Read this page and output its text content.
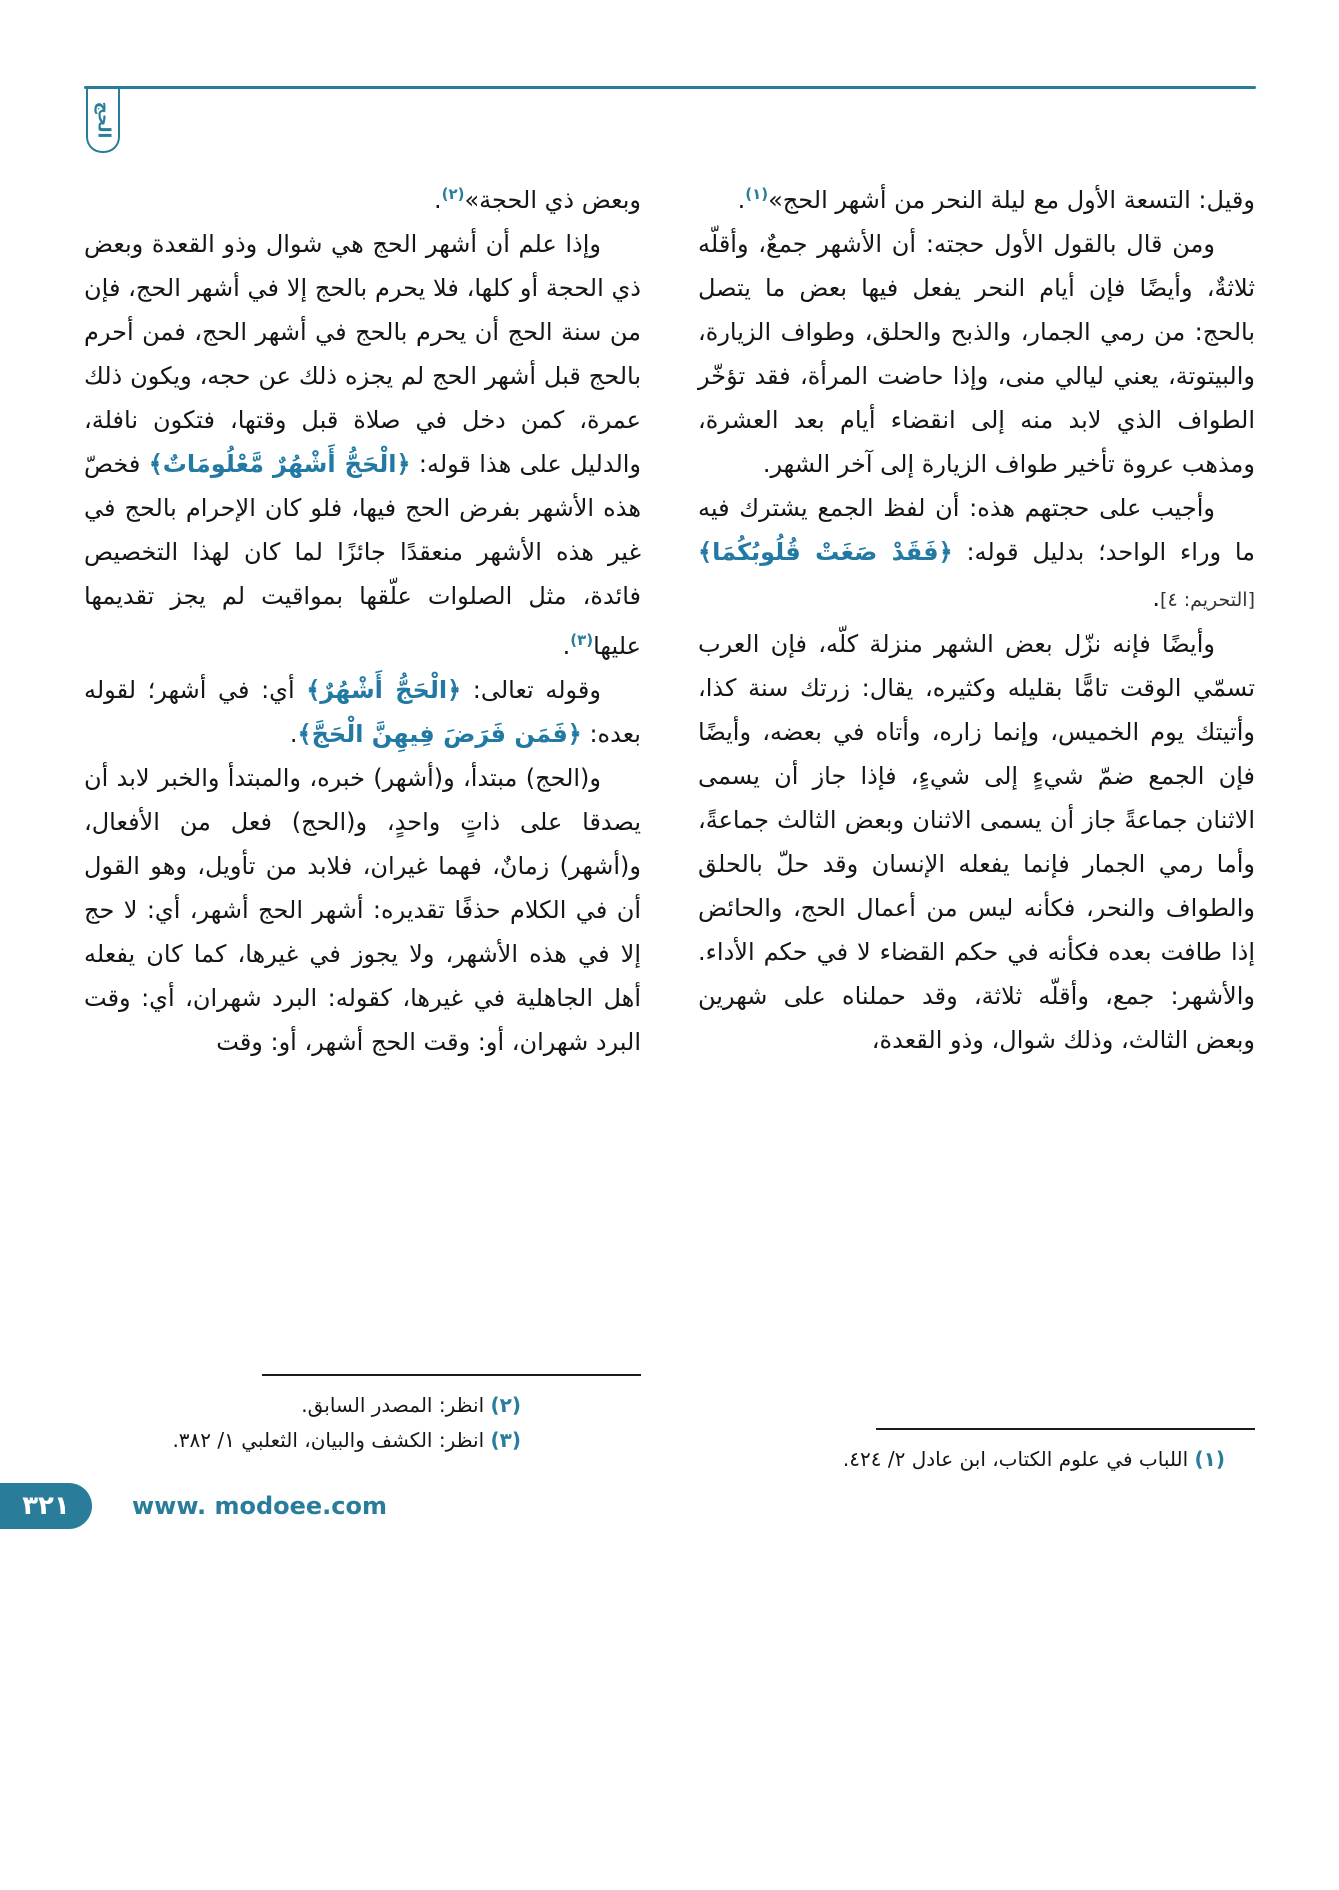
الحج

وقيل: التسعة الأول مع ليلة النحر من أشهر الحج»$^{(١)}$.

ومن قال بالقول الأول حجته: أن الأشهر جمعٌ، وأقلّه ثلاثةٌ، وأيضًا فإن أيام النحر يفعل فيها بعض ما يتصل بالحج: من رمي الجمار، والذبح والحلق، وطواف الزيارة، والبيتوتة، يعني ليالي منى، وإذا حاضت المرأة، فقد تؤخّر الطواف الذي لابد منه إلى انقضاء أيام بعد العشرة، ومذهب عروة تأخير طواف الزيارة إلى آخر الشهر.

وأجيب على حجتهم هذه: أن لفظ الجمع يشترك فيه ما وراء الواحد؛ بدليل قوله: ﴿فَقَدْ صَغَتْ قُلُوبُكُمَا﴾ [التحريم: ٤].

وأيضًا فإنه نزّل بعض الشهر منزلة كلّه، فإن العرب تسمّي الوقت تامًّا بقليله وكثيره، يقال: زرتك سنة كذا، وأتيتك يوم الخميس، وإنما زاره، وأتاه في بعضه، وأيضًا فإن الجمع ضمّ شيءٍ إلى شيءٍ، فإذا جاز أن يسمى الاثنان جماعةً جاز أن يسمى الاثنان وبعض الثالث جماعةً، وأما رمي الجمار فإنما يفعله الإنسان وقد حلّ بالحلق والطواف والنحر، فكأنه ليس من أعمال الحج، والحائض إذا طافت بعده فكأنه في حكم القضاء لا في حكم الأداء. والأشهر: جمع، وأقلّه ثلاثة، وقد حملناه على شهرين وبعض الثالث، وذلك شوال، وذو القعدة،

(١) اللباب في علوم الكتاب، ابن عادل ٢/ ٤٢٤.

وبعض ذي الحجة»$^{(٢)}$.

وإذا علم أن أشهر الحج هي شوال وذو القعدة وبعض ذي الحجة أو كلها، فلا يحرم بالحج إلا في أشهر الحج، فإن من سنة الحج أن يحرم بالحج في أشهر الحج، فمن أحرم بالحج قبل أشهر الحج لم يجزه ذلك عن حجه، ويكون ذلك عمرة، كمن دخل في صلاة قبل وقتها، فتكون نافلة، والدليل على هذا قوله: ﴿الْحَجُّ أَشْهُرٌ مَّعْلُومَاتٌ﴾ فخصّ هذه الأشهر بفرض الحج فيها، فلو كان الإحرام بالحج في غير هذه الأشهر منعقدًا جائزًا لما كان لهذا التخصيص فائدة، مثل الصلوات علّقها بمواقيت لم يجز تقديمها عليها$^{(٣)}$.

وقوله تعالى: ﴿الْحَجُّ أَشْهُرٌ﴾ أي: في أشهر؛ لقوله بعده: ﴿فَمَن فَرَضَ فِيهِنَّ الْحَجَّ﴾.

و(الحج) مبتدأ، و(أشهر) خبره، والمبتدأ والخبر لابد أن يصدقا على ذاتٍ واحدٍ، و(الحج) فعل من الأفعال، و(أشهر) زمانٌ، فهما غيران، فلابد من تأويل، وهو القول أن في الكلام حذفًا تقديره: أشهر الحج أشهر، أي: لا حج إلا في هذه الأشهر، ولا يجوز في غيرها، كما كان يفعله أهل الجاهلية في غيرها، كقوله: البرد شهران، أي: وقت البرد شهران، أو: وقت الحج أشهر، أو: وقت

(٢) انظر: المصدر السابق.
(٣) انظر: الكشف والبيان، الثعلبي ١/ ٣٨٢.
٣٢١	www. modoee.com
